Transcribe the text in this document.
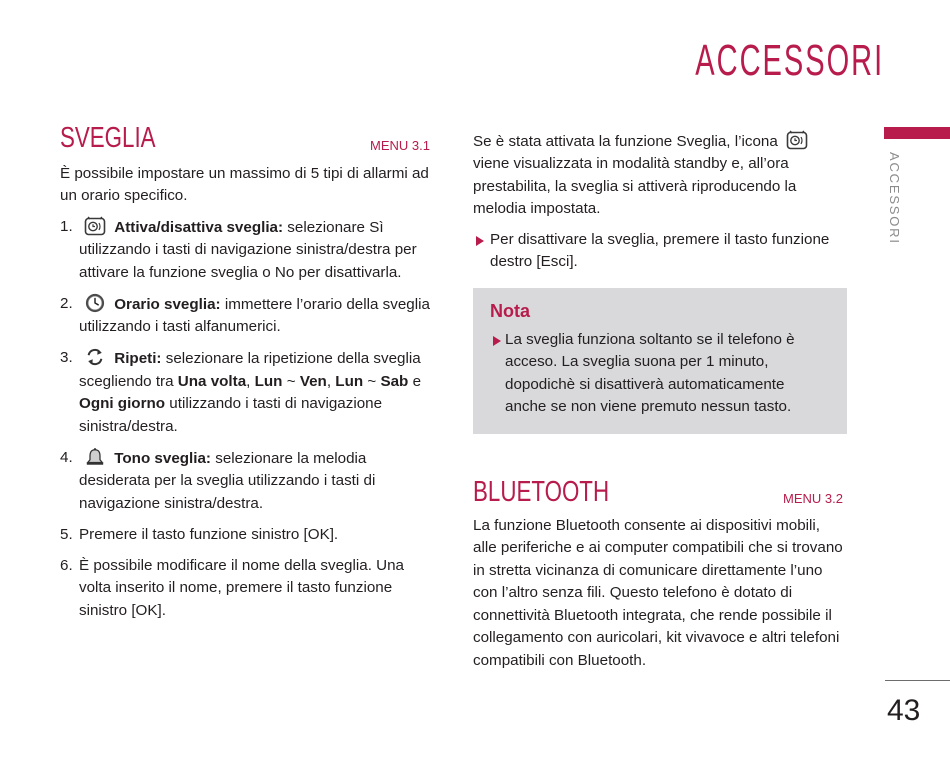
ACCESSORI
ACCESSORI
43
SVEGLIA	MENU 3.1

È possibile impostare un massimo di 5 tipi di allarmi ad un orario specifico.

1.	Attiva/disattiva sveglia: selezionare Sì utilizzando i tasti di navigazione sinistra/destra per attivare la funzione sveglia o No per disattivarla.
2.	Orario sveglia: immettere l’orario della sveglia utilizzando i tasti alfanumerici.
3.	Ripeti: selezionare la ripetizione della sveglia scegliendo tra Una volta, Lun ~ Ven, Lun ~ Sab e Ogni giorno utilizzando i tasti di navigazione sinistra/destra.
4.	Tono sveglia: selezionare la melodia desiderata per la sveglia utilizzando i tasti di navigazione sinistra/destra.
5. Premere il tasto funzione sinistro [OK].
6. È possibile modificare il nome della sveglia. Una volta inserito il nome, premere il tasto funzione sinistro [OK].

Se è stata attivata la funzione Sveglia, l’icona
viene visualizzata in modalità standby e, all’ora prestabilita, la sveglia si attiverà riproducendo la melodia impostata.

Per disattivare la sveglia, premere il tasto funzione destro [Esci].
Nota
La sveglia funziona soltanto se il telefono è acceso. La sveglia suona per 1 minuto, dopodichè si disattiverà automaticamente anche se non viene premuto nessun tasto.
BLUETOOTH	MENU 3.2

La funzione Bluetooth consente ai dispositivi mobili, alle periferiche e ai computer compatibili che si trovano in stretta vicinanza di comunicare direttamente l’uno con l’altro senza fili. Questo telefono è dotato di connettività Bluetooth integrata, che rende possibile il collegamento con auricolari, kit vivavoce e altri telefoni compatibili con Bluetooth.
